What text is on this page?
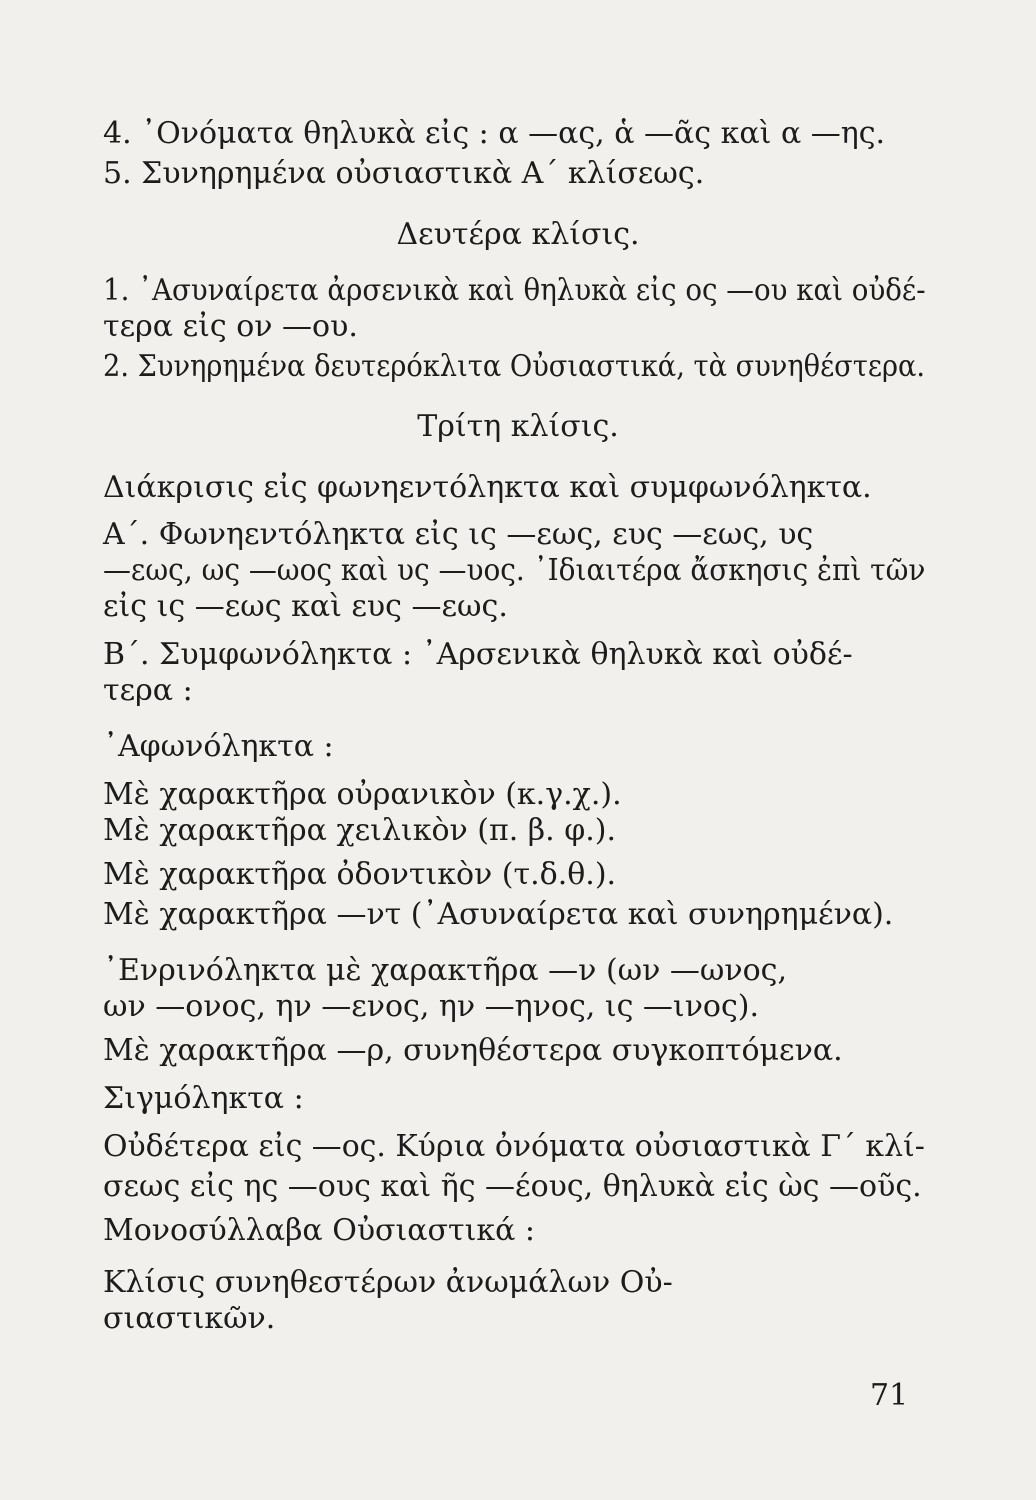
4. ᾿Ονόματα θηλυκὰ εἰς : α —ας, ἁ —ᾶς καὶ α —ης.
5. Συνηρημένα οὐσιαστικὰ Α΄ κλίσεως.
Δευτέρα κλίσις.
1. ᾿Ασυναίρετα ἀρσενικὰ καὶ θηλυκὰ εἰς ος —ου καὶ οὐδέ-
τερα εἰς ον —ου.
2. Συνηρημένα δευτερόκλιτα Οὐσιαστικά, τὰ συνηθέστερα.
Τρίτη κλίσις.
Διάκρισις εἰς φωνηεντόληκτα καὶ συμφωνόληκτα.
Α΄. Φωνηεντόληκτα εἰς ις —εως, ευς —εως, υς
—εως, ως —ωος καὶ υς —υος. ᾿Ιδιαιτέρα ἄσκησις ἐπὶ τῶν
εἰς ις —εως καὶ ευς —εως.
Β΄. Συμφωνόληκτα : ᾿Αρσενικὰ θηλυκὰ καὶ οὐδέ-
τερα :
᾿Αφωνόληκτα :
Μὲ χαρακτῆρα οὐρανικὸν (κ.γ.χ.).
Μὲ χαρακτῆρα χειλικὸν (π. β. φ.).
Μὲ χαρακτῆρα ὀδοντικὸν (τ.δ.θ.).
Μὲ χαρακτῆρα —ντ (᾿Ασυναίρετα καὶ συνηρημένα).
᾿Ενρινόληκτα μὲ χαρακτῆρα —ν (ων —ωνος,
ων —ονος, ην —ενος, ην —ηνος, ις —ινος).
Μὲ χαρακτῆρα —ρ, συνηθέστερα συγκοπτόμενα.
Σιγμόληκτα :
Οὐδέτερα εἰς —ος. Κύρια ὀνόματα οὐσιαστικὰ Γ΄ κλί-
σεως εἰς ης —ους καὶ ῆς —έους, θηλυκὰ εἰς ὼς —οῦς.
Μονοσύλλαβα Οὐσιαστικά :
Κλίσις συνηθεστέρων ἀνωμάλων Οὐ-
σιαστικῶν.
71
